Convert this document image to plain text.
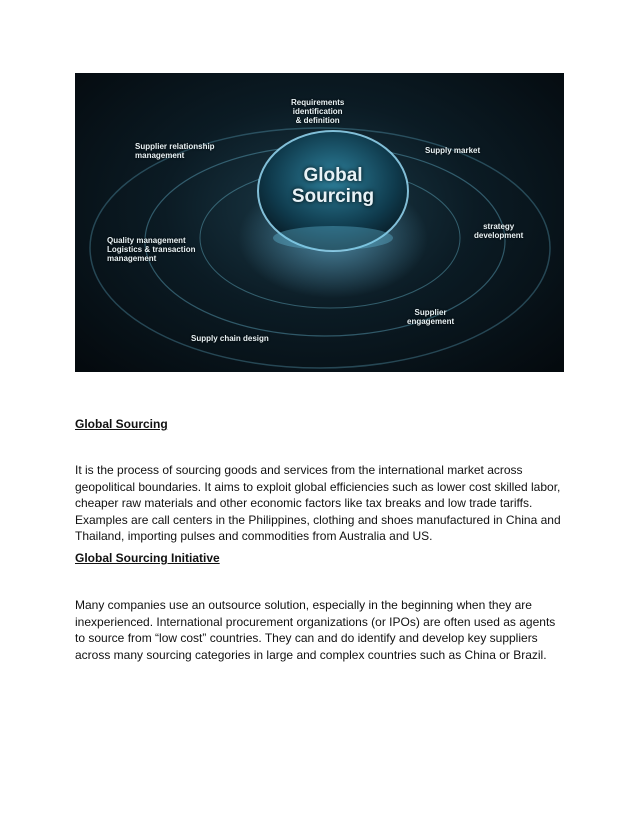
Global
Sourcing
Requirements
identification
& definition
Supplier relationship
management
Supply market
Quality management
Logistics & transaction
management
strategy
development
Supplier
engagement
Supply chain design
Global Sourcing
It is the process of sourcing goods and services from the international market across geopolitical boundaries. It aims to exploit global efficiencies such as lower cost skilled labor, cheaper raw materials and other economic factors like tax breaks and low trade tariffs. Examples are call centers in the Philippines, clothing and shoes manufactured in China and Thailand, importing pulses and commodities from Australia and US.
Global Sourcing Initiative
Many companies use an outsource solution, especially in the beginning when they are inexperienced. International procurement organizations (or IPOs) are often used as agents to source from “low cost” countries. They can and do identify and develop key suppliers across many sourcing categories in large and complex countries such as China or Brazil.
